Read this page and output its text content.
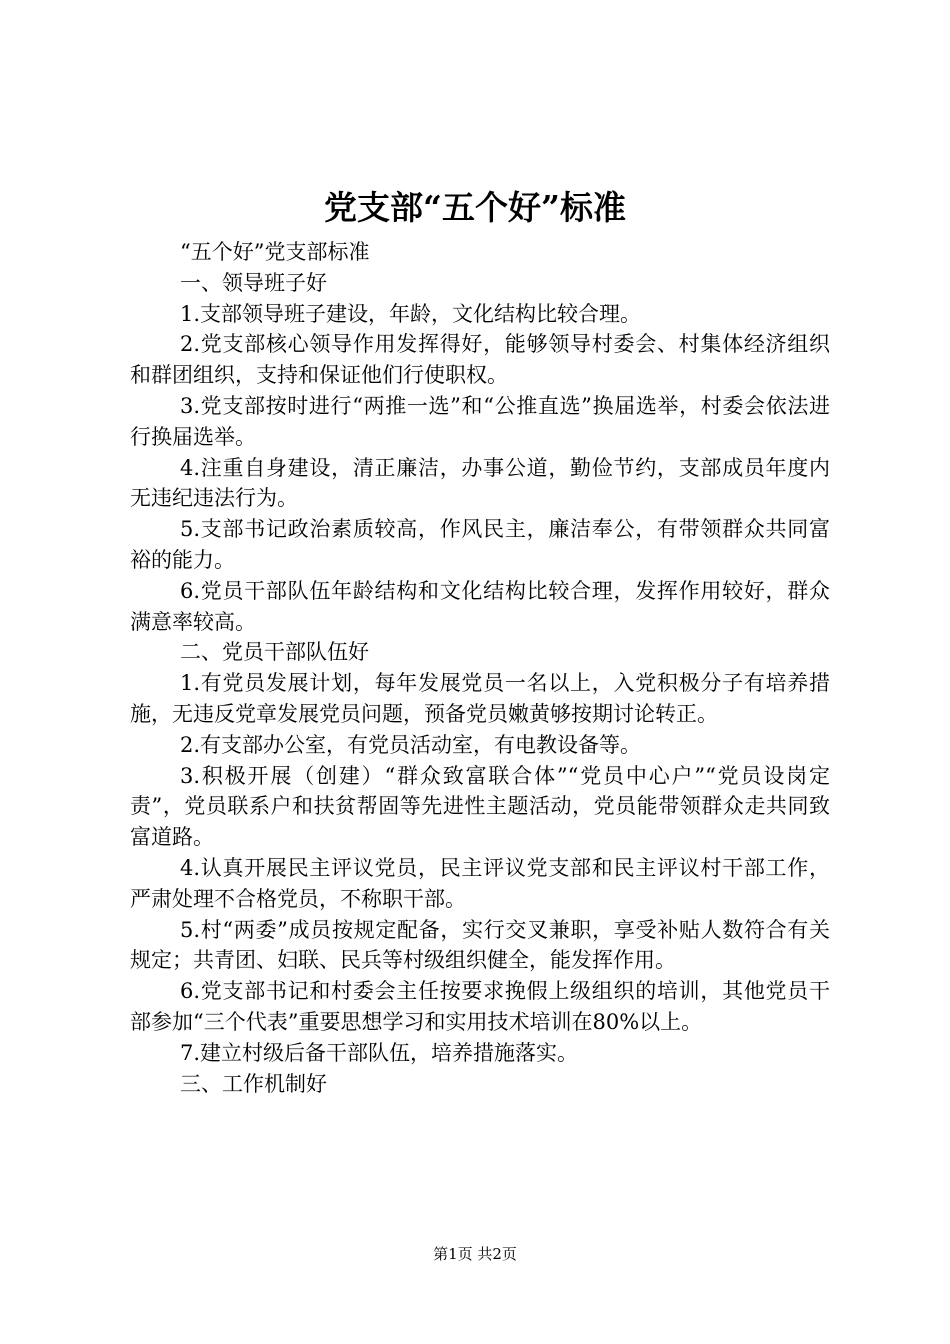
党支部“五个好”标准

“五个好”党支部标准

一、领导班子好

1.支部领导班子建设，年龄，文化结构比较合理。

2.党支部核心领导作用发挥得好，能够领导村委会、村集体经济组织和群团组织，支持和保证他们行使职权。

3.党支部按时进行“两推一选”和“公推直选”换届选举，村委会依法进行换届选举。

4.注重自身建设，清正廉洁，办事公道，勤俭节约，支部成员年度内无违纪违法行为。

5.支部书记政治素质较高，作风民主，廉洁奉公，有带领群众共同富裕的能力。

6.党员干部队伍年龄结构和文化结构比较合理，发挥作用较好，群众满意率较高。

二、党员干部队伍好

1.有党员发展计划，每年发展党员一名以上，入党积极分子有培养措施，无违反党章发展党员问题，预备党员嫩黄够按期讨论转正。

2.有支部办公室，有党员活动室，有电教设备等。

3.积极开展（创建）“群众致富联合体”“党员中心户”“党员设岗定责”，党员联系户和扶贫帮固等先进性主题活动，党员能带领群众走共同致富道路。

4.认真开展民主评议党员，民主评议党支部和民主评议村干部工作，严肃处理不合格党员，不称职干部。

5.村“两委”成员按规定配备，实行交叉兼职，享受补贴人数符合有关规定；共青团、妇联、民兵等村级组织健全，能发挥作用。

6.党支部书记和村委会主任按要求挽假上级组织的培训，其他党员干部参加“三个代表”重要思想学习和实用技术培训在80%以上。

7.建立村级后备干部队伍，培养措施落实。

三、工作机制好

第1页 共2页
